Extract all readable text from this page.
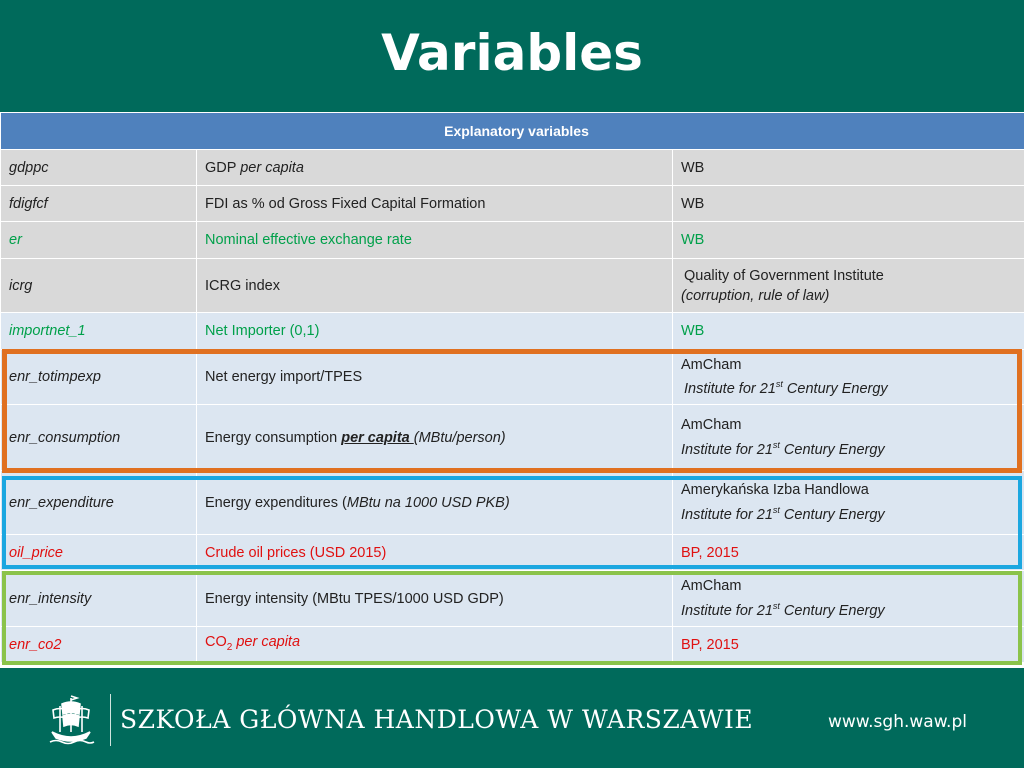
Variables
Explanatory variables		
gdppc	GDP per capita	WB
fdigfcf	FDI as % od Gross Fixed Capital Formation	WB
er	Nominal effective exchange rate	WB
icrg	ICRG index	Quality of Government Institute
(corruption, rule of law)

importnet_1	Net Importer (0,1)	WB
enr_totimpexp	Net energy import/TPES	AmCham
Institute for 21st Century Energy

enr_consumption	Energy consumption per capita (MBtu/person)	AmCham
Institute for 21st Century Energy

enr_expenditure	Energy expenditures (MBtu na 1000 USD PKB)	Amerykańska Izba Handlowa
Institute for 21st Century Energy

oil_price	Crude oil prices (USD 2015)	BP, 2015
enr_intensity	Energy intensity (MBtu TPES/1000 USD GDP)	AmCham
Institute for 21st Century Energy

enr_co2	$CO_2$ per capita	BP, 2015
SZKOŁA GŁÓWNA HANDLOWA W WARSZAWIE	www.sgh.waw.pl
